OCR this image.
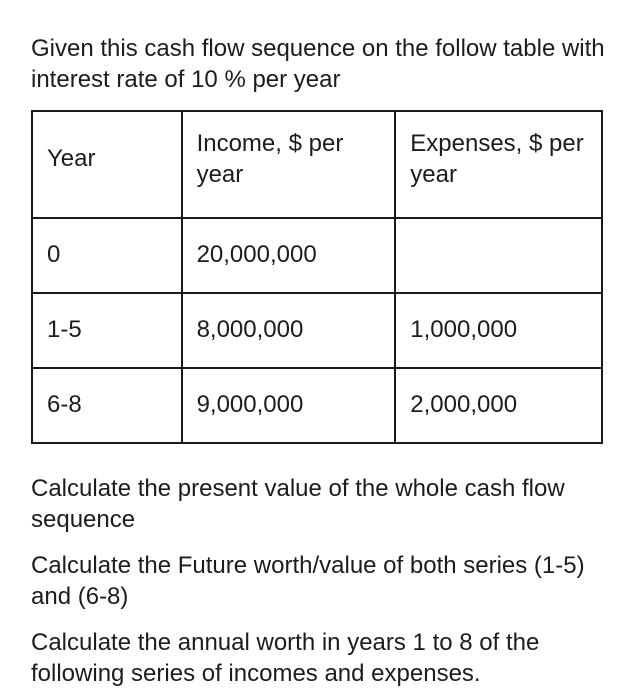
Given this cash flow sequence on the follow table with interest rate of 10 % per year

Year	Income, $ per year	Expenses, $ per year

0	20,000,000	

1-5	8,000,000	1,000,000

6-8	9,000,000	2,000,000

Calculate the present value of the whole cash flow sequence

Calculate the Future worth/value of both series (1-5) and (6-8)

Calculate the annual worth in years 1 to 8 of the following series of incomes and expenses.
